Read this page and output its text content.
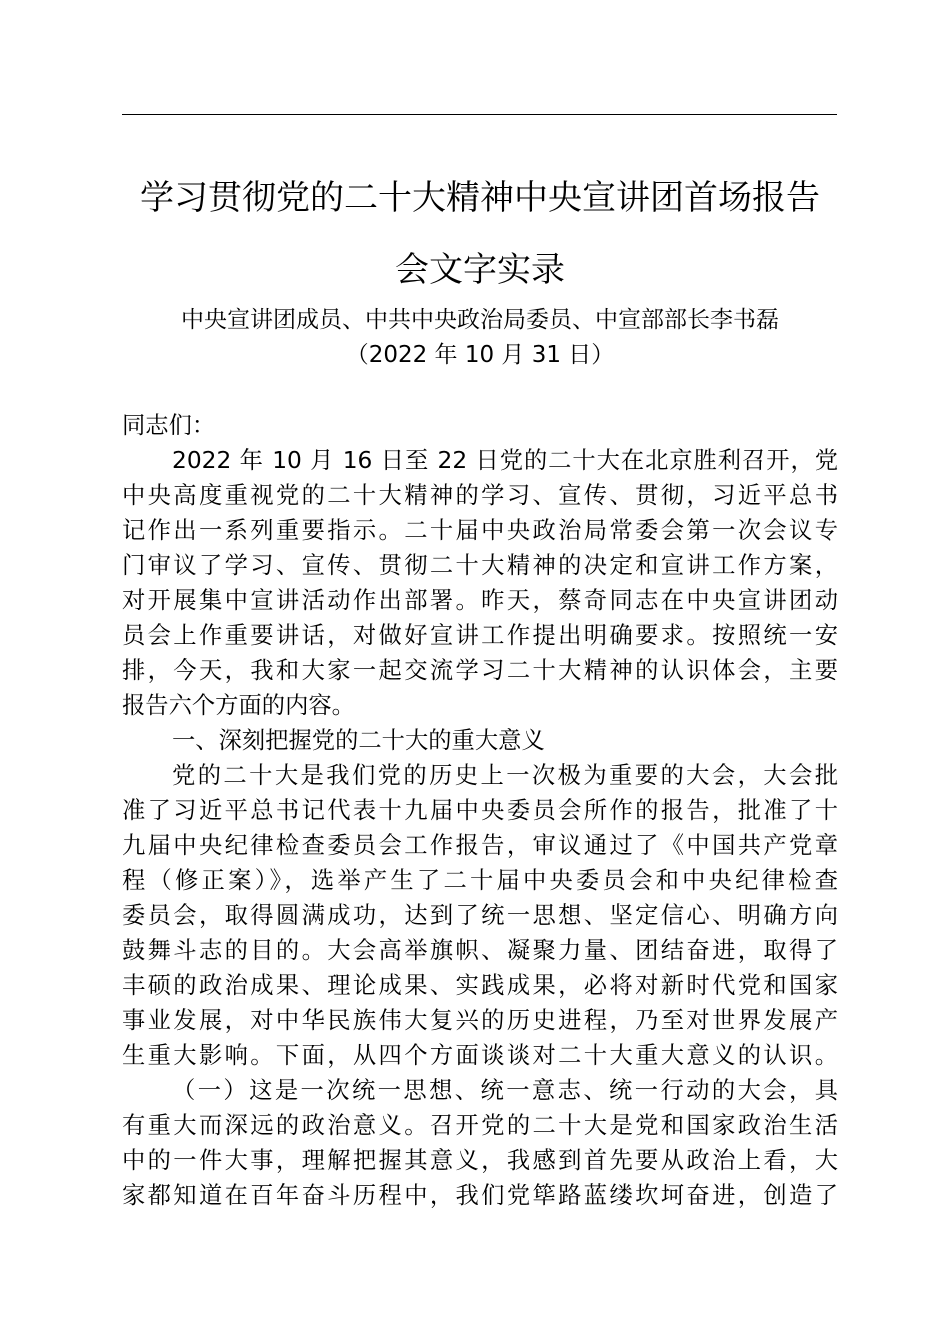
学习贯彻党的二十大精神中央宣讲团首场报告
会文字实录
中央宣讲团成员、中共中央政治局委员、中宣部部长李书磊
（2022 年 10 月 31 日）
同志们：
2022 年 10 月 16 日至 22 日党的二十大在北京胜利召开，党
中央高度重视党的二十大精神的学习、宣传、贯彻，习近平总书
记作出一系列重要指示。二十届中央政治局常委会第一次会议专
门审议了学习、宣传、贯彻二十大精神的决定和宣讲工作方案，
对开展集中宣讲活动作出部署。昨天，蔡奇同志在中央宣讲团动
员会上作重要讲话，对做好宣讲工作提出明确要求。按照统一安
排，今天，我和大家一起交流学习二十大精神的认识体会，主要
报告六个方面的内容。
一、深刻把握党的二十大的重大意义
党的二十大是我们党的历史上一次极为重要的大会，大会批
准了习近平总书记代表十九届中央委员会所作的报告，批准了十
九届中央纪律检查委员会工作报告，审议通过了《中国共产党章
程（修正案）》，选举产生了二十届中央委员会和中央纪律检查
委员会，取得圆满成功，达到了统一思想、坚定信心、明确方向
鼓舞斗志的目的。大会高举旗帜、凝聚力量、团结奋进，取得了
丰硕的政治成果、理论成果、实践成果，必将对新时代党和国家
事业发展，对中华民族伟大复兴的历史进程，乃至对世界发展产
生重大影响。下面，从四个方面谈谈对二十大重大意义的认识。
（一）这是一次统一思想、统一意志、统一行动的大会，具
有重大而深远的政治意义。召开党的二十大是党和国家政治生活
中的一件大事，理解把握其意义，我感到首先要从政治上看，大
家都知道在百年奋斗历程中，我们党筚路蓝缕坎坷奋进，创造了
